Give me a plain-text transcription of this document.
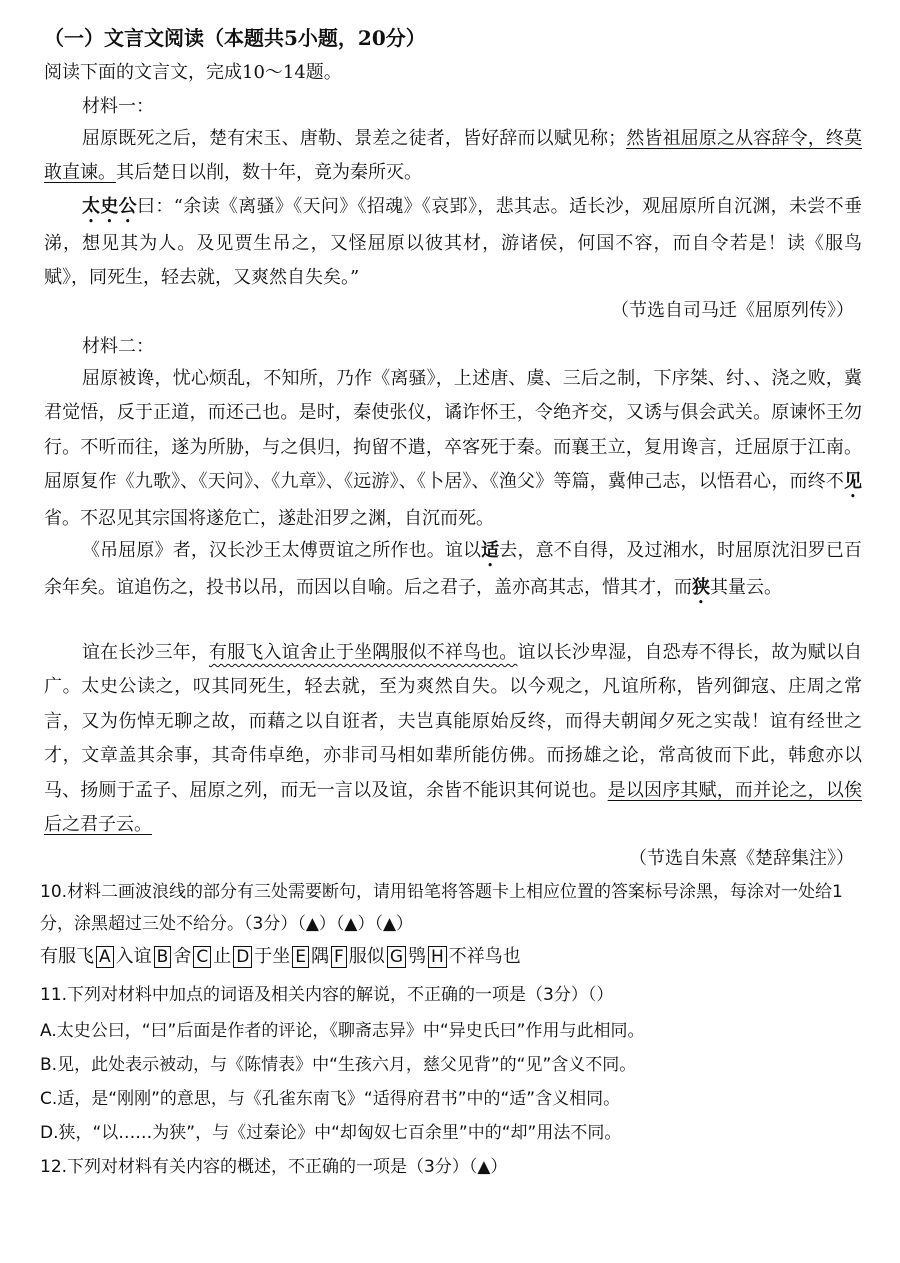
（一）文言文阅读（本题共5小题，20分）
阅读下面的文言文，完成10～14题。
材料一：

屈原既死之后，楚有宋玉、唐勒、景差之徒者，皆好辞而以赋见称；然皆祖屈原之从容辞令，终莫敢直谏。其后楚日以削，数十年，竟为秦所灭。

太史公曰：“余读《离骚》《天问》《招魂》《哀郢》，悲其志。适长沙，观屈原所自沉渊，未尝不垂涕，想见其为人。及见贾生吊之，又怪屈原以彼其材，游诸侯，何国不容，而自令若是！读《服鸟赋》，同死生，轻去就，又爽然自失矣。”

（节选自司马迁《屈原列传》）
材料二：

屈原被谗，忧心烦乱，不知所，乃作《离骚》，上述唐、虞、三后之制，下序桀、纣、、浇之败，冀君觉悟，反于正道，而还己也。是时，秦使张仪，谲诈怀王，令绝齐交，又诱与俱会武关。原谏怀王勿行。不听而往，遂为所胁，与之俱归，拘留不遣，卒客死于秦。而襄王立，复用谗言，迁屈原于江南。屈原复作《九歌》、《天问》、《九章》、《远游》、《卜居》、《渔父》等篇，冀伸己志，以悟君心，而终不见省。不忍见其宗国将遂危亡，遂赴汨罗之渊，自沉而死。

《吊屈原》者，汉长沙王太傅贾谊之所作也。谊以适去，意不自得，及过湘水，时屈原沈汨罗已百余年矣。谊追伤之，投书以吊，而因以自喻。后之君子，盖亦高其志，惜其才，而狭其量云。

谊在长沙三年，有服飞入谊舍止于坐隅服似不祥鸟也。谊以长沙卑湿，自恐寿不得长，故为赋以自广。太史公读之，叹其同死生，轻去就，至为爽然自失。以今观之，凡谊所称，皆列御寇、庄周之常言，又为伤悼无聊之故，而藉之以自诳者，夫岂真能原始反终，而得夫朝闻夕死之实哉！谊有经世之才，文章盖其余事，其奇伟卓绝，亦非司马相如辈所能仿佛。而扬雄之论，常高彼而下此，韩愈亦以马、扬厕于孟子、屈原之列，而无一言以及谊，余皆不能识其何说也。是以因序其赋，而并论之，以俟后之君子云。

（节选自朱熹《楚辞集注》）

10.材料二画波浪线的部分有三处需要断句，请用铅笔将答题卡上相应位置的答案标号涂黑，每涂对一处给1分，涂黑超过三处不给分。（3分）（▲）（▲）（▲）

有服飞 A 入谊 B 舍 C 止 D 于坐 E 隅 F 服似 G 鸮 H 不祥鸟也
11.下列对材料中加点的词语及相关内容的解说，不正确的一项是（3分）（）
A.太史公曰，“曰”后面是作者的评论，《聊斋志异》中“异史氏曰”作用与此相同。
B.见，此处表示被动，与《陈情表》中“生孩六月，慈父见背”的“见”含义不同。
C.适，是“刚刚”的意思，与《孔雀东南飞》“适得府君书”中的“适”含义相同。
D.狭，“以……为狭”，与《过秦论》中“却匈奴七百余里”中的“却”用法不同。
12.下列对材料有关内容的概述，不正确的一项是（3分）（▲）
